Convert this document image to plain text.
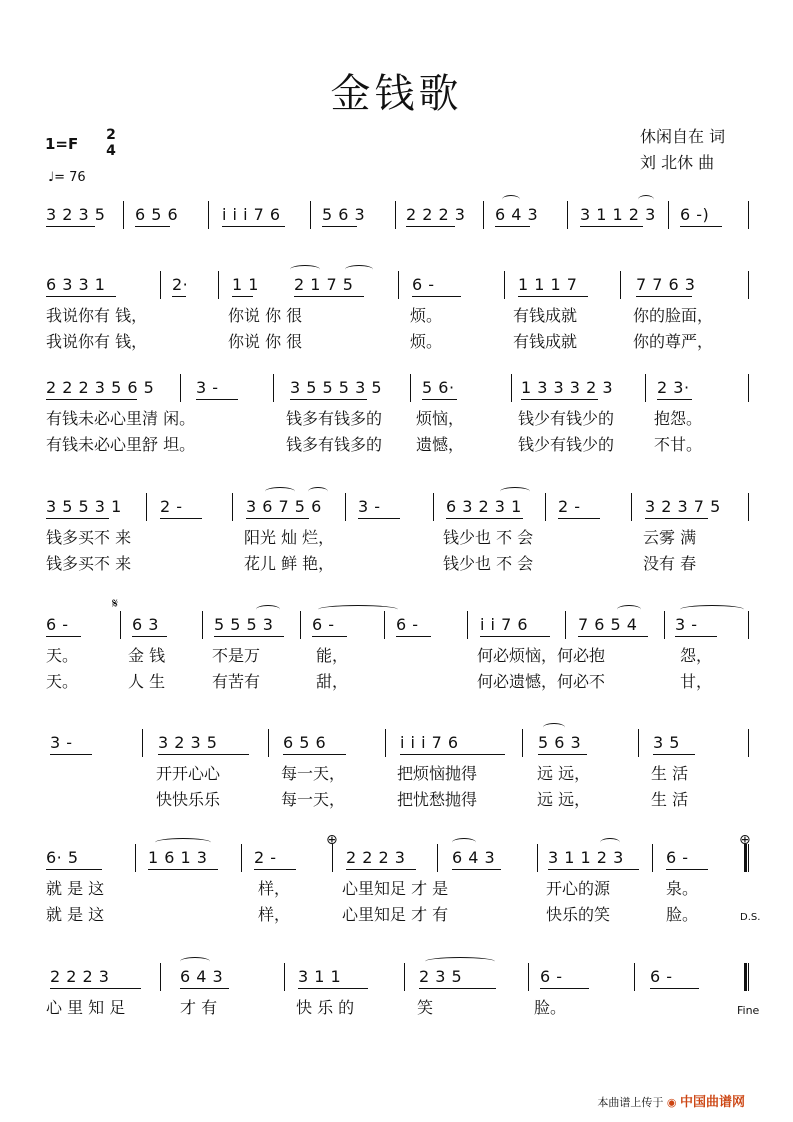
金钱歌
1=F 2
4
♩= 76
休闲自在 词
刘 北休 曲
3 2 3 5 6 5 6	i i i 7 6	5 6 3	2 2 2 3 6 4 3	3 1 1 2 3 6 -)
6 3 3 1	2·	1 1 2 1 7 5	6 -	1 1 1 7	7 7 6 3
我说你有 钱，	你说 你 很	烦。	有钱成就	你的脸面，
我说你有 钱，	你说 你 很	烦。	有钱成就	你的尊严，
2 2 2 3 5 6 5	3 -	3 5 5 5 3 5 5 6·	1 3 3 3 2 3	2 3·
有钱未必心里清 闲。	钱多有钱多的 烦恼，	钱少有钱少的 抱怨。
有钱未必心里舒 坦。	钱多有钱多的 遗憾，	钱少有钱少的 不甘。
3 5 5 3 1 2 -	3 6 7 5 6 3 -	6 3 2 3 1 2 -	3 2 3 7 5
钱多买不 来	阳光 灿 烂，	钱少也 不 会	云雾 满
钱多买不 来	花儿 鲜 艳，	钱少也 不 会	没有 春
6 -	6 3	5 5 5 3 6 -	6 -	i i 7 6	7 6 5 4 3 -
天。	金 钱	不是万	能，	何必烦恼，何必抱	怨，
天。	人 生	有苦有	甜，	何必遗憾，何必不	甘，
3 -	3 2 3 5	6 5 6	i i i 7 6	5 6 3	3 5
开开心心	每一天，	把烦恼抛得	远 远，	生 活
快快乐乐	每一天，	把忧愁抛得	远 远，	生 活
6· 5	1 6 1 3	2 -	2 2 2 3	6 4 3	3 1 1 2 3	6 -
就 是 这	样，	心里知足 才 是	开心的源	泉。
就 是 这	样，	心里知足 才 有	快乐的笑	脸。
2 2 2 3	6 4 3	3 1 1	2 3 5	6 -	6 -
心 里 知 足	才 有	快 乐 的	笑	脸。
𝄋
⊕	⊕
D.S.
Fine
本曲谱上传于 ◉ 中国曲谱网
